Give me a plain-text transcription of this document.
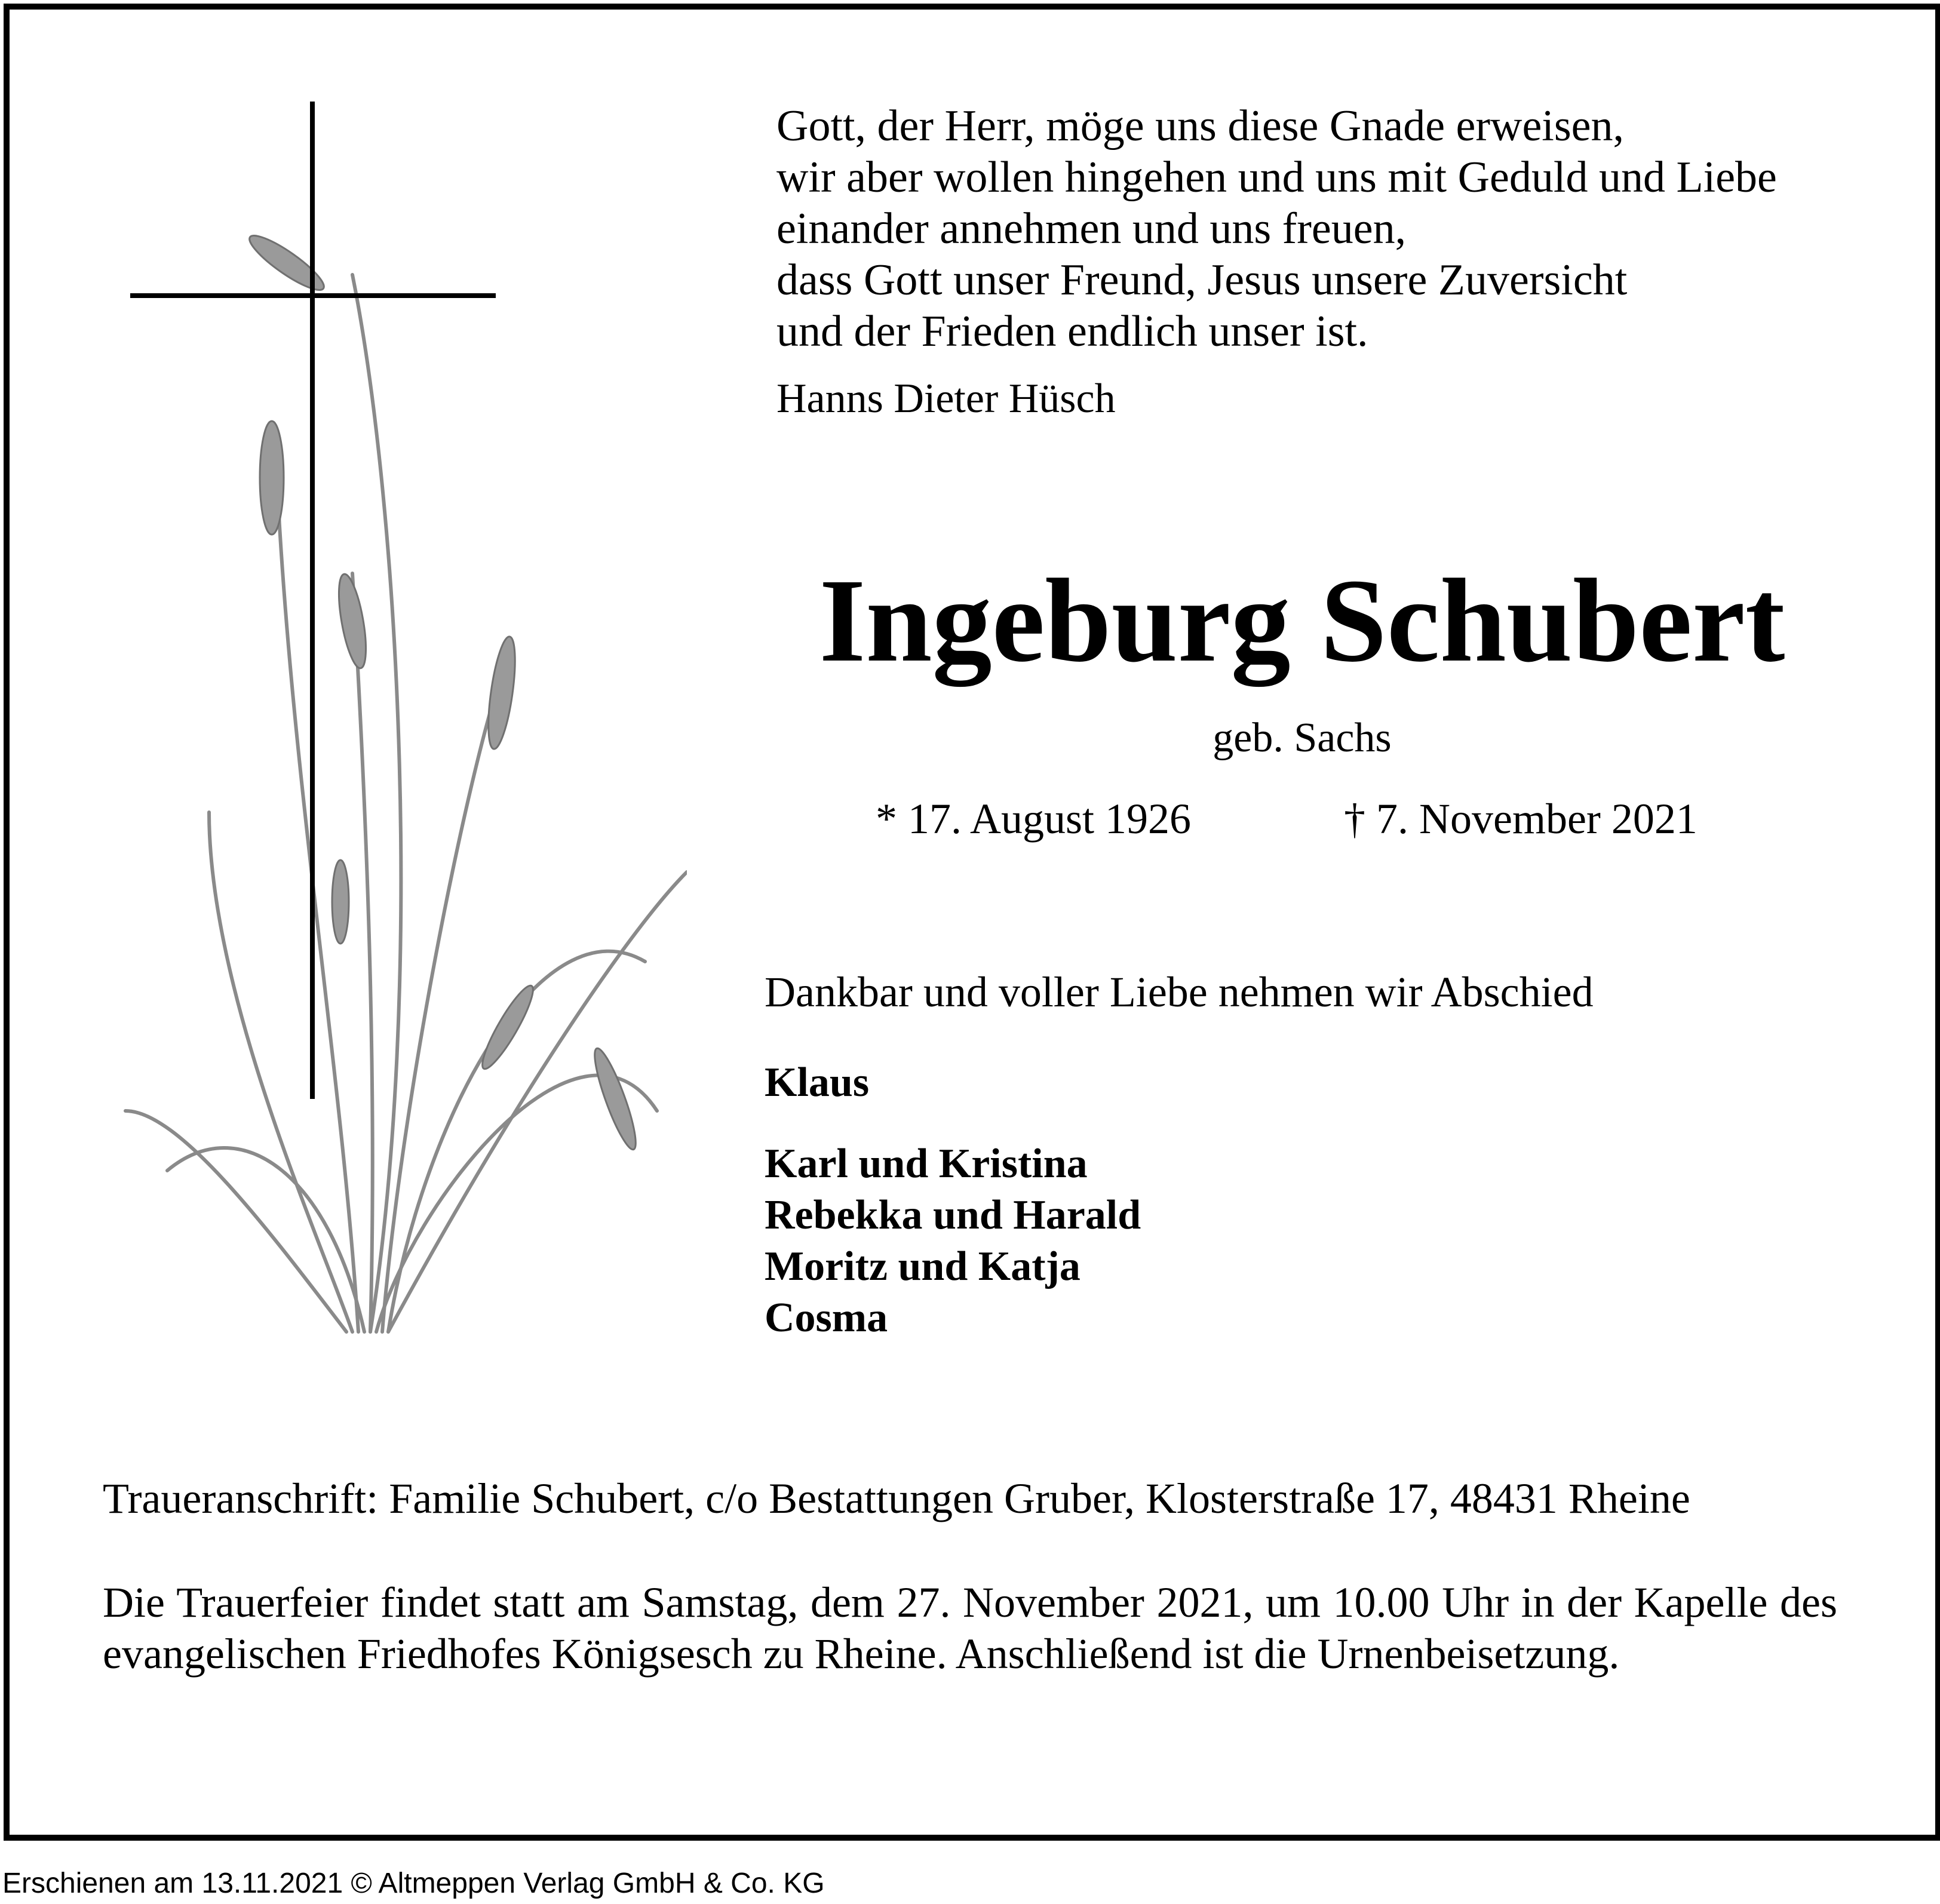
Gott, der Herr, möge uns diese Gnade erweisen,
wir aber wollen hingehen und uns mit Geduld und Liebe
einander annehmen und uns freuen,
dass Gott unser Freund, Jesus unsere Zuversicht
und der Frieden endlich unser ist.
Hanns Dieter Hüsch
Ingeburg Schubert
geb. Sachs
* 17. August 1926	† 7. November 2021
Dankbar und voller Liebe nehmen wir Abschied
Klaus
Karl und Kristina
Rebekka und Harald
Moritz und Katja
Cosma
Traueranschrift: Familie Schubert, c/o Bestattungen Gruber, Klosterstraße 17, 48431 Rheine
Die Trauerfeier findet statt am Samstag, dem 27. November 2021, um 10.00 Uhr in der Kapelle des evangelischen Friedhofes Königsesch zu Rheine. Anschließend ist die Urnenbeisetzung.
Erschienen am 13.11.2021 © Altmeppen Verlag GmbH & Co. KG
